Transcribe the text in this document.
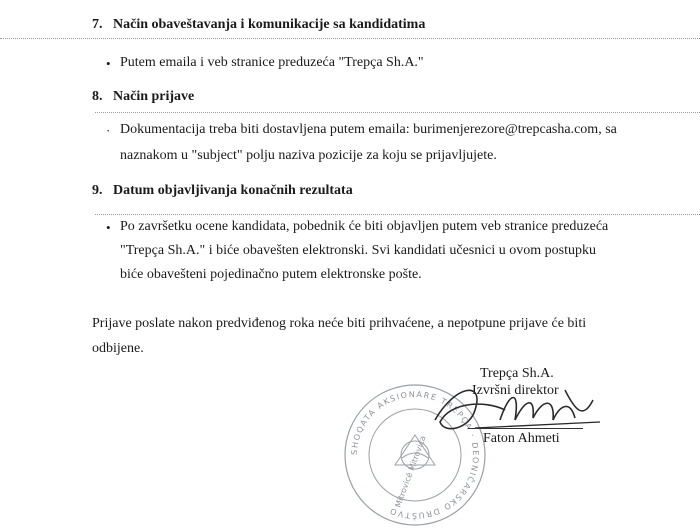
7. Način obaveštavanja i komunikacije sa kandidatima
• Putem emaila i veb stranice preduzeća "Trepça Sh.A."
8. Način prijave
· Dokumentacija treba biti dostavljena putem emaila: burimenjerezore@trepcasha.com, sa
naznakom u "subject" polju naziva pozicije za koju se prijavljujete.
9. Datum objavljivanja konačnih rezultata
• Po završetku ocene kandidata, pobednik će biti objavljen putem veb stranice preduzeća
"Trepça Sh.A." i biće obavešten elektronski. Svi kandidati učesnici u ovom postupku
biće obavešteni pojedinačno putem elektronske pošte.
Prijave poslate nakon predviđenog roka neće biti prihvaćene, a nepotpune prijave će biti
odbijene.
Trepça Sh.A.
Izvršni direktor
SHOQATA AKSIONARE TREPÇA · DEONIČARSKO DRUŠTVO
Mitrovicë Mitrovica	Faton Ahmeti
